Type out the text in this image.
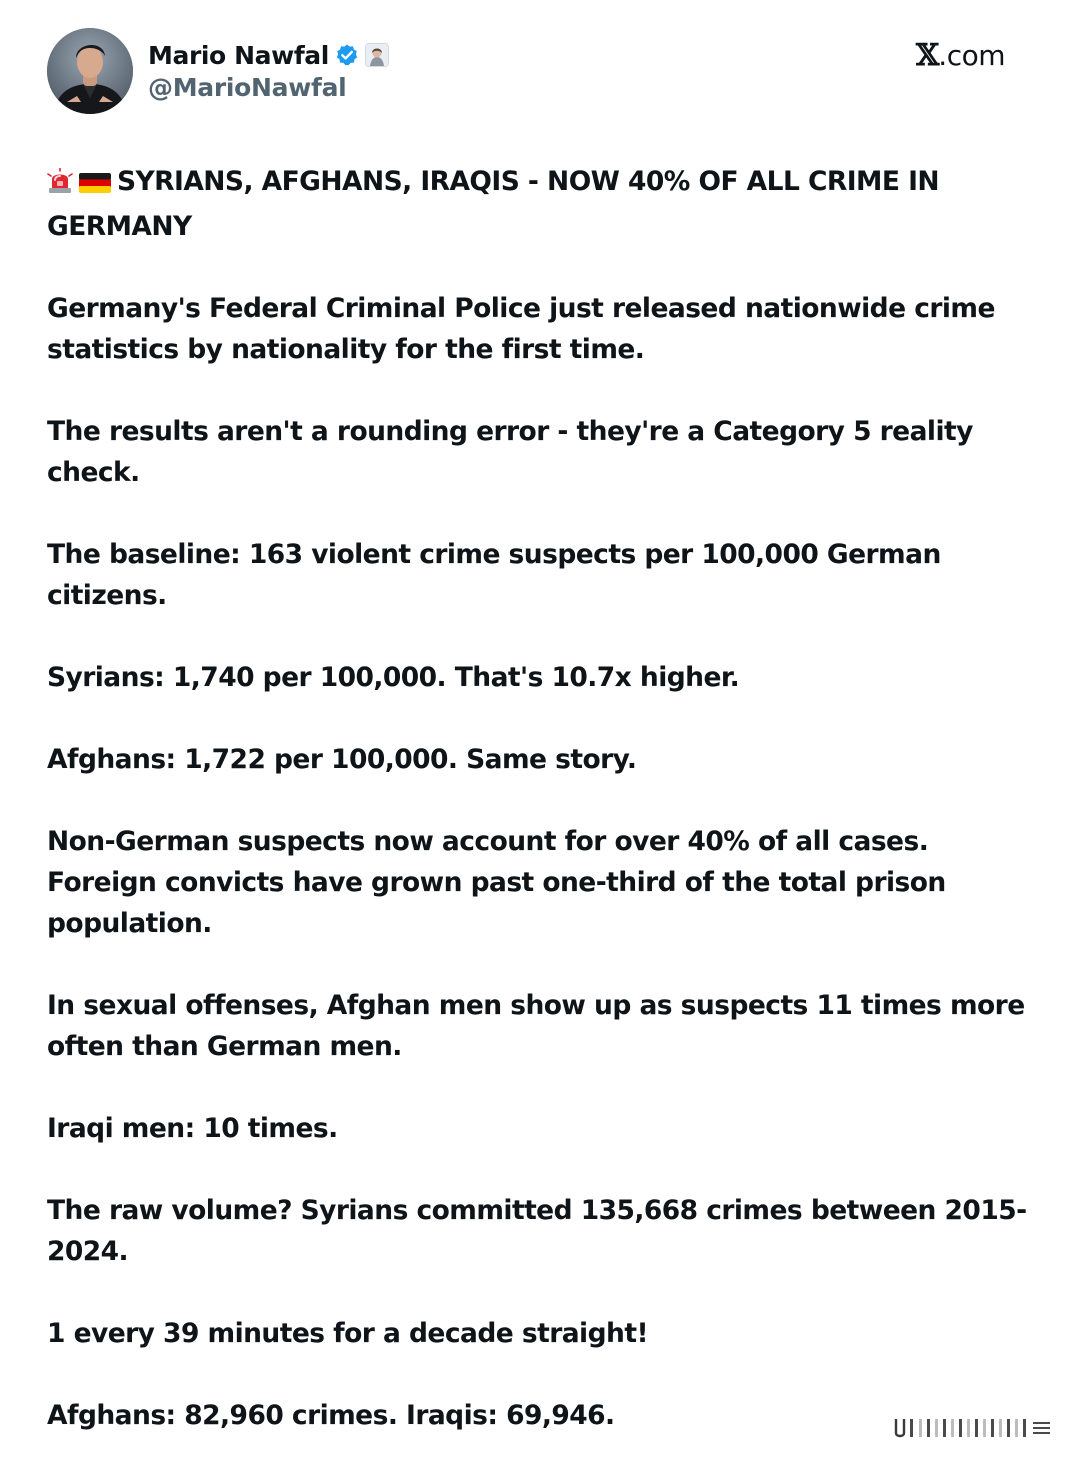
Mario Nawfal
@MarioNawfal
𝕏 .com
SYRIANS, AFGHANS, IRAQIS - NOW 40% OF ALL CRIME IN GERMANY
Germany's Federal Criminal Police just released nationwide crime statistics by nationality for the first time.
The results aren't a rounding error - they're a Category 5 reality check.
The baseline: 163 violent crime suspects per 100,000 German citizens.
Syrians: 1,740 per 100,000. That's 10.7x higher.
Afghans: 1,722 per 100,000. Same story.
Non-German suspects now account for over 40% of all cases. Foreign convicts have grown past one-third of the total prison population.
In sexual offenses, Afghan men show up as suspects 11 times more often than German men.
Iraqi men: 10 times.
The raw volume? Syrians committed 135,668 crimes between 2015-2024.
1 every 39 minutes for a decade straight!
Afghans: 82,960 crimes. Iraqis: 69,946.
